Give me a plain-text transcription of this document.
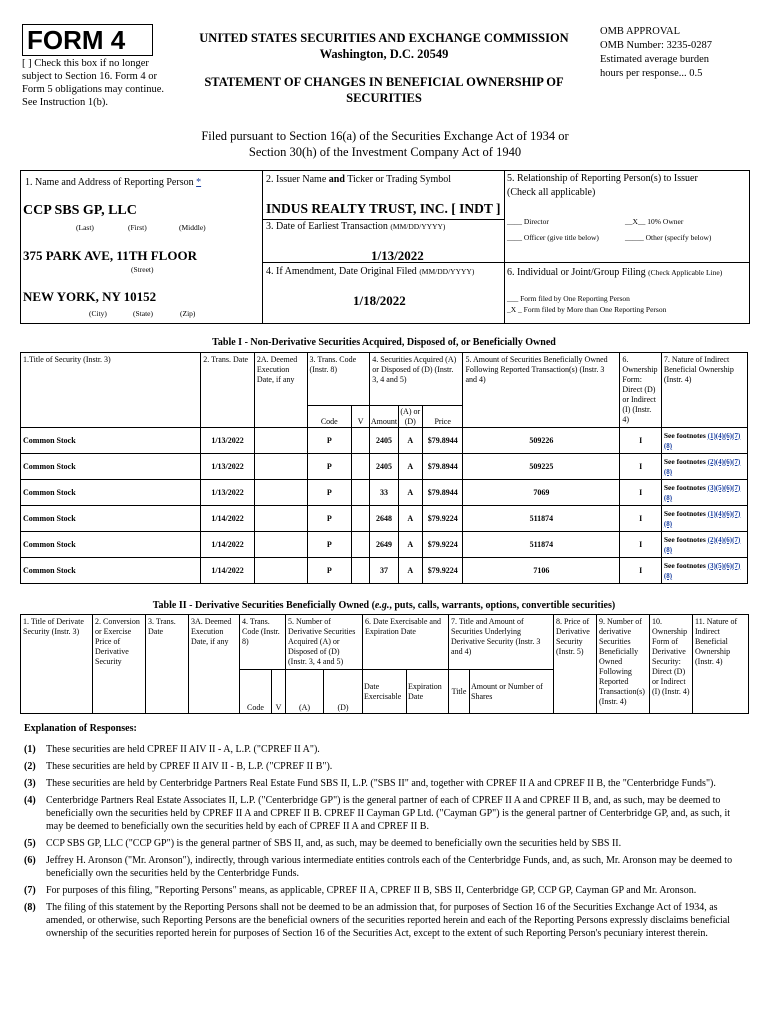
FORM 4
[ ] Check this box if no longer subject to Section 16. Form 4 or Form 5 obligations may continue. See Instruction 1(b).
UNITED STATES SECURITIES AND EXCHANGE COMMISSION
Washington, D.C. 20549
STATEMENT OF CHANGES IN BENEFICIAL OWNERSHIP OF
SECURITIES
OMB APPROVAL
OMB Number: 3235-0287
Estimated average burden
hours per response... 0.5
Filed pursuant to Section 16(a) of the Securities Exchange Act of 1934 or
Section 30(h) of the Investment Company Act of 1940
1. Name and Address of Reporting Person *
CCP SBS GP, LLC
(Last)	(First)	(Middle)
375 PARK AVE, 11TH FLOOR
(Street)
NEW YORK, NY 10152
(City)	(State)	(Zip)
2. Issuer Name and Ticker or Trading Symbol
INDUS REALTY TRUST, INC. [ INDT ]
3. Date of Earliest Transaction (MM/DD/YYYY)
1/13/2022
4. If Amendment, Date Original Filed (MM/DD/YYYY)
1/18/2022
5. Relationship of Reporting Person(s) to Issuer
(Check all applicable)
____ Director	__X__ 10% Owner
____ Officer (give title below)	_____ Other (specify below)
6. Individual or Joint/Group Filing (Check Applicable Line)
___ Form filed by One Reporting Person
_X _ Form filed by More than One Reporting Person
Table I - Non-Derivative Securities Acquired, Disposed of, or Beneficially Owned
1.Title of Security (Instr. 3)	2. Trans. Date	2A. Deemed Execution Date, if any	3. Trans. Code (Instr. 8)		4. Securities Acquired (A) or Disposed of (D) (Instr. 3, 4 and 5)			5. Amount of Securities Beneficially Owned Following Reported Transaction(s) (Instr. 3 and 4)	6. Ownership Form: Direct (D) or Indirect (I) (Instr. 4)	7. Nature of Indirect Beneficial Ownership (Instr. 4)
			Code	V	Amount	(A) or (D)	Price			
Common Stock	1/13/2022		P		2405	A	$79.8944	509226	I	See footnotes (1)(4)(6)(7)(8)
Common Stock	1/13/2022		P		2405	A	$79.8944	509225	I	See footnotes (2)(4)(6)(7)(8)
Common Stock	1/13/2022		P		33	A	$79.8944	7069	I	See footnotes (3)(5)(6)(7)(8)
Common Stock	1/14/2022		P		2648	A	$79.9224	511874	I	See footnotes (1)(4)(6)(7)(8)
Common Stock	1/14/2022		P		2649	A	$79.9224	511874	I	See footnotes (2)(4)(6)(7)(8)
Common Stock	1/14/2022		P		37	A	$79.9224	7106	I	See footnotes (3)(5)(6)(7)(8)
Table II - Derivative Securities Beneficially Owned (e.g., puts, calls, warrants, options, convertible securities)
1. Title of Derivate Security (Instr. 3)	2. Conversion or Exercise Price of Derivative Security	3. Trans. Date	3A. Deemed Execution Date, if any	4. Trans. Code (Instr. 8)		5. Number of Derivative Securities Acquired (A) or Disposed of (D) (Instr. 3, 4 and 5)		6. Date Exercisable and Expiration Date		7. Title and Amount of Securities Underlying Derivative Security (Instr. 3 and 4)		8. Price of Derivative Security (Instr. 5)	9. Number of derivative Securities Beneficially Owned Following Reported Transaction(s) (Instr. 4)	10. Ownership Form of Derivative Security: Direct (D) or Indirect (I) (Instr. 4)	11. Nature of Indirect Beneficial Ownership (Instr. 4)
				Code	V	(A)	(D)	Date Exercisable	Expiration Date	Title	Amount or Number of Shares				
Explanation of Responses:
(1)	These securities are held CPREF II AIV II - A, L.P. ("CPREF II A").
(2)	These securities are held by CPREF II AIV II - B, L.P. ("CPREF II B").
(3)	These securities are held by Centerbridge Partners Real Estate Fund SBS II, L.P. ("SBS II" and, together with CPREF II A and CPREF II B, the "Centerbridge Funds").
(4)	Centerbridge Partners Real Estate Associates II, L.P. ("Centerbridge GP") is the general partner of each of CPREF II A and CPREF II B, and, as such, may be deemed to beneficially own the securities held by CPREF II A and CPREF II B. CPREF II Cayman GP Ltd. ("Cayman GP") is the general partner of Centerbridge GP, and, as such, it may be deemed to beneficially own the securities held by each of CPREF II A and CPREF II B.
(5)	CCP SBS GP, LLC ("CCP GP") is the general partner of SBS II, and, as such, may be deemed to beneficially own the securities held by SBS II.
(6)	Jeffrey H. Aronson ("Mr. Aronson"), indirectly, through various intermediate entities controls each of the Centerbridge Funds, and, as such, Mr. Aronson may be deemed to beneficially own the securities held by the Centerbridge Funds.
(7)	For purposes of this filing, "Reporting Persons" means, as applicable, CPREF II A, CPREF II B, SBS II, Centerbridge GP, CCP GP, Cayman GP and Mr. Aronson.
(8)	The filing of this statement by the Reporting Persons shall not be deemed to be an admission that, for purposes of Section 16 of the Securities Exchange Act of 1934, as amended, or otherwise, such Reporting Persons are the beneficial owners of the securities reported herein and each of the Reporting Persons expressly disclaims beneficial ownership of the securities reported herein for purposes of Section 16 of the Securities Act, except to the extent of such Reporting Person's pecuniary interest therein.
